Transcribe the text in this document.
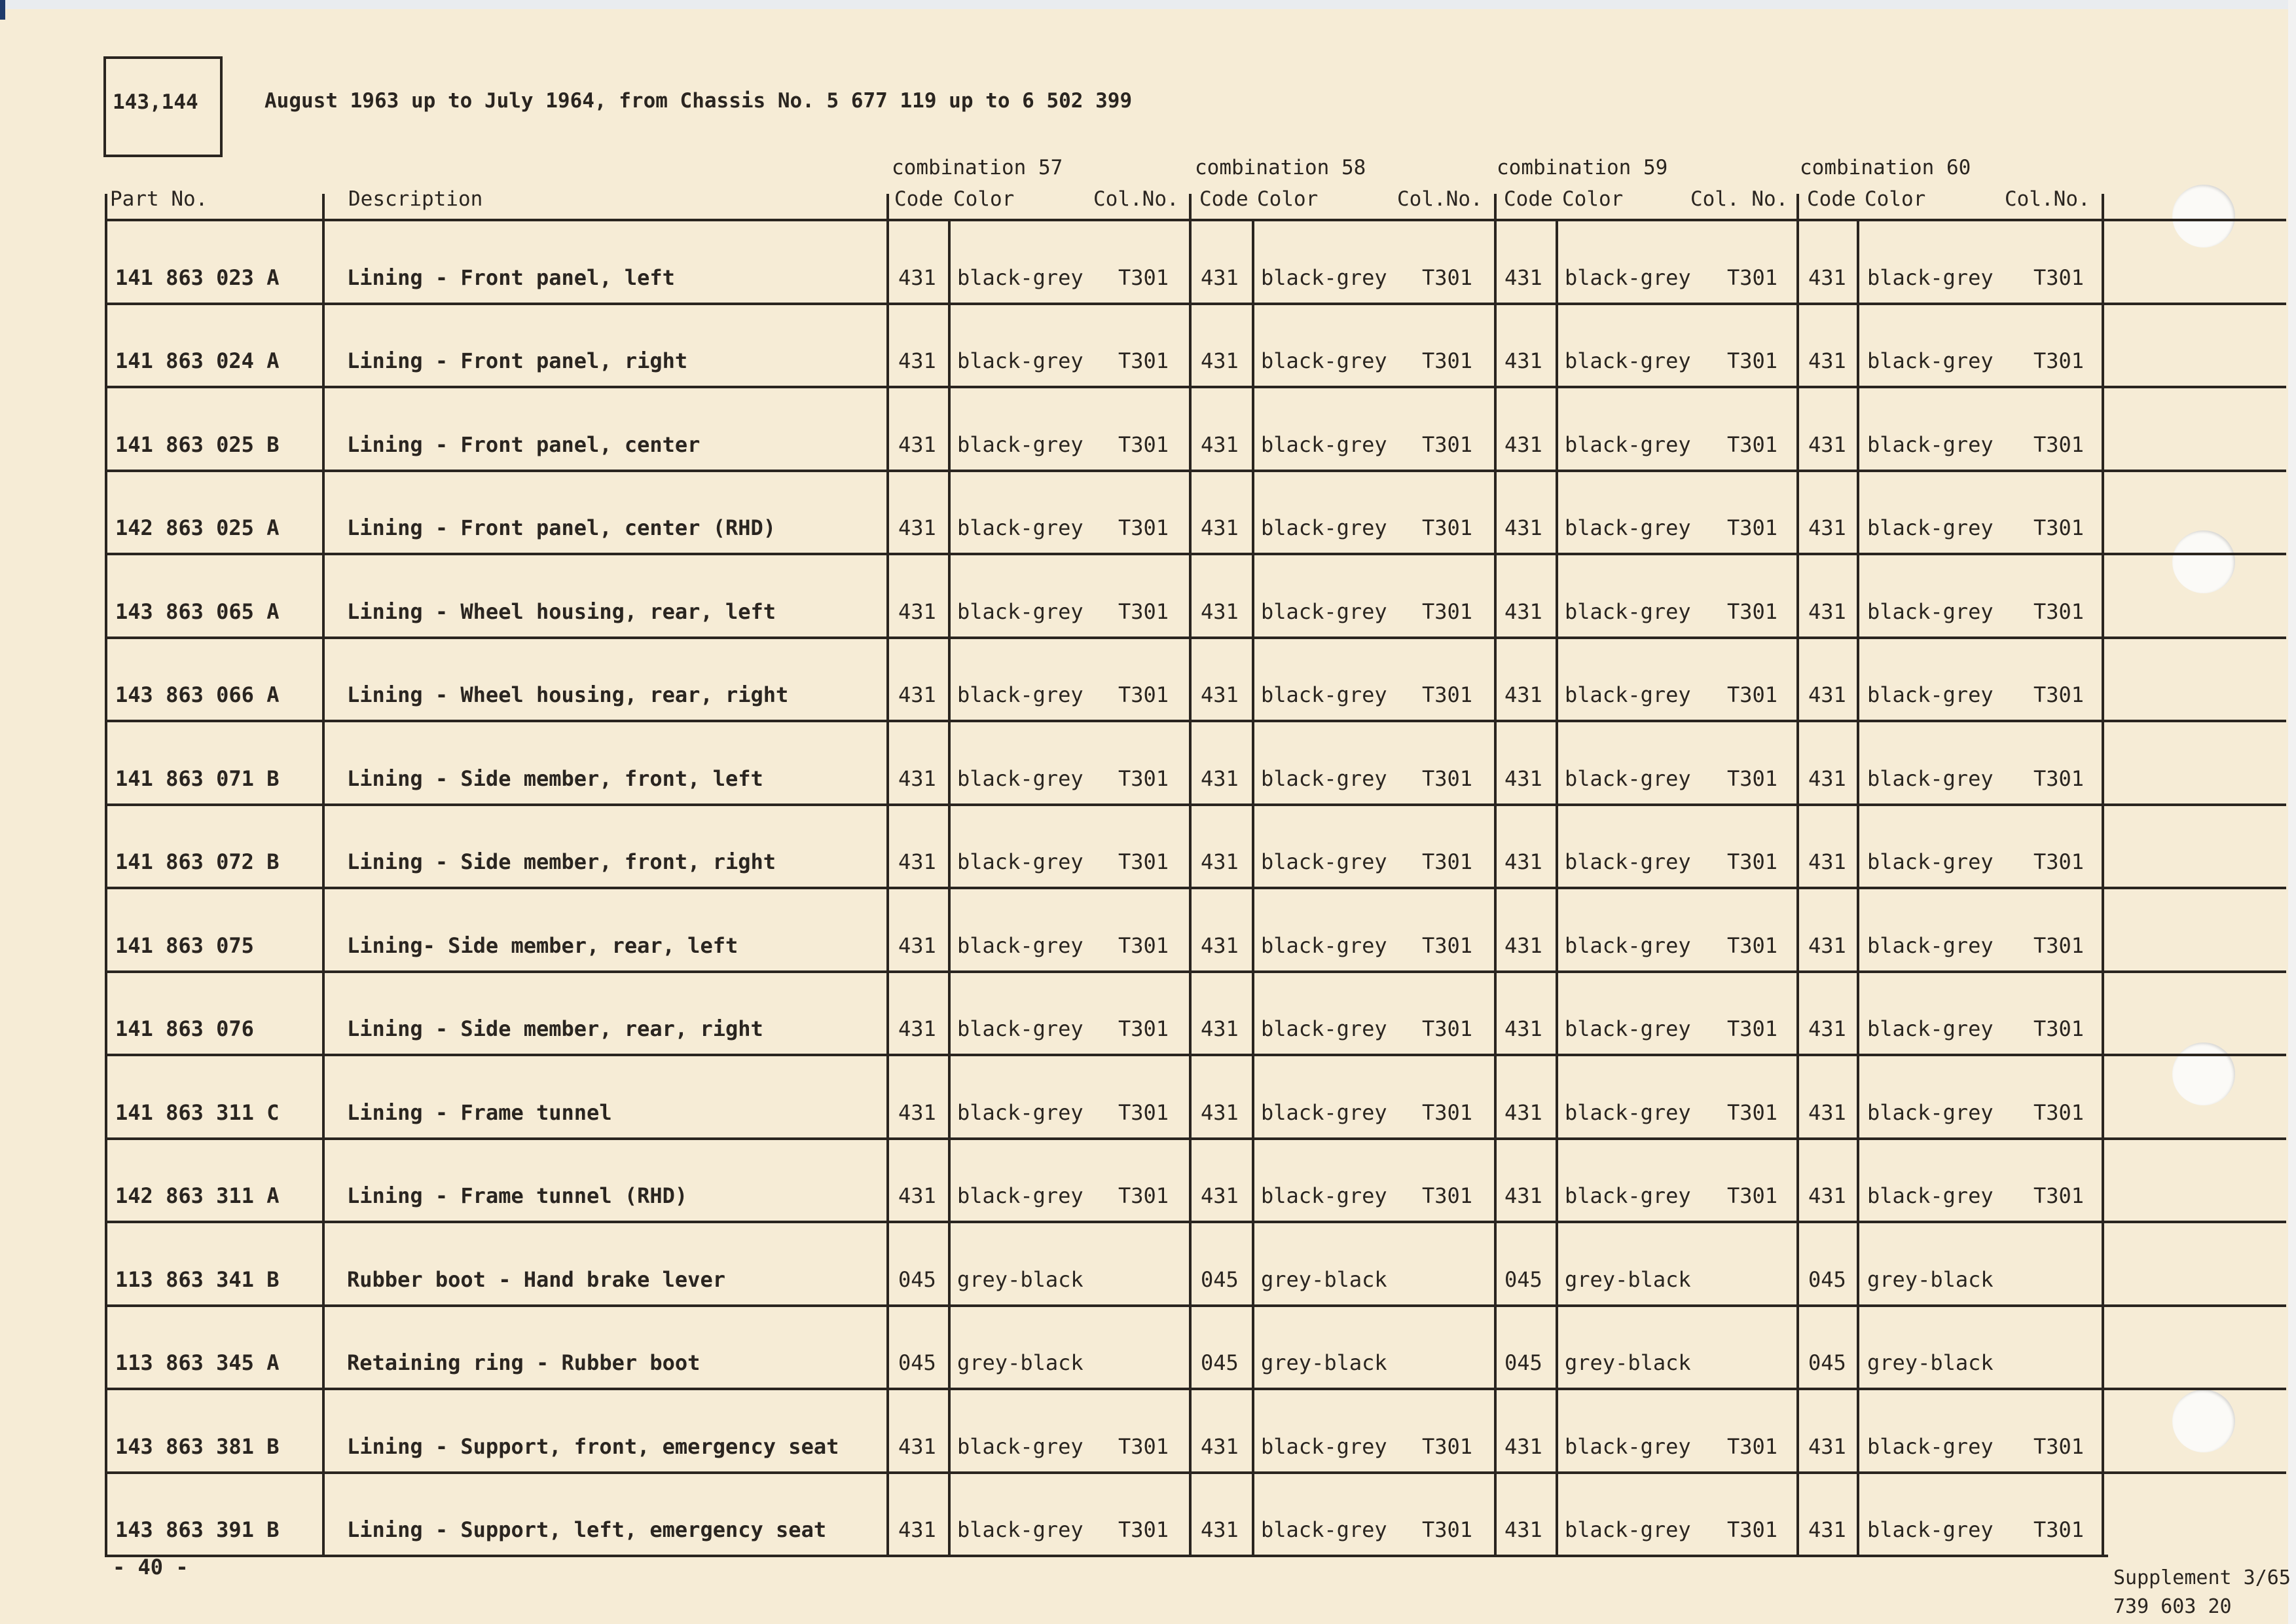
143,144	August 1963 up to July 1964, from Chassis No. 5 677 119 up to 6 502 399
combination 57	combination 58	combination 59	combination 60
Part No.	Description	Code Color	Col.No. Code Color	Col.No. Code Color	Col. No. Code Color	Col.No.
141 863 023 A	Lining - Front panel, left	431 black-grey T301 431 black-grey T301 431 black-grey T301 431 black-grey T301
141 863 024 A	Lining - Front panel, right	431 black-grey T301 431 black-grey T301 431 black-grey T301 431 black-grey T301
141 863 025 B	Lining - Front panel, center	431 black-grey T301 431 black-grey T301 431 black-grey T301 431 black-grey T301
142 863 025 A	Lining - Front panel, center (RHD)	431 black-grey T301 431 black-grey T301 431 black-grey T301 431 black-grey T301
143 863 065 A	Lining - Wheel housing, rear, left	431 black-grey T301 431 black-grey T301 431 black-grey T301 431 black-grey T301
143 863 066 A	Lining - Wheel housing, rear, right	431 black-grey T301 431 black-grey T301 431 black-grey T301 431 black-grey T301
141 863 071 B	Lining - Side member, front, left	431 black-grey T301 431 black-grey T301 431 black-grey T301 431 black-grey T301
141 863 072 B	Lining - Side member, front, right	431 black-grey T301 431 black-grey T301 431 black-grey T301 431 black-grey T301
141 863 075	Lining- Side member, rear, left	431 black-grey T301 431 black-grey T301 431 black-grey T301 431 black-grey T301
141 863 076	Lining - Side member, rear, right	431 black-grey T301 431 black-grey T301 431 black-grey T301 431 black-grey T301
141 863 311 C	Lining - Frame tunnel	431 black-grey T301 431 black-grey T301 431 black-grey T301 431 black-grey T301
142 863 311 A	Lining - Frame tunnel (RHD)	431 black-grey T301 431 black-grey T301 431 black-grey T301 431 black-grey T301
113 863 341 B	Rubber boot - Hand brake lever	045 grey-black	045 grey-black	045 grey-black	045 grey-black
113 863 345 A	Retaining ring - Rubber boot	045 grey-black	045 grey-black	045 grey-black	045 grey-black
143 863 381 B	Lining - Support, front, emergency seat	431 black-grey T301 431 black-grey T301 431 black-grey T301 431 black-grey T301
143 863 391 B	Lining - Support, left, emergency seat	431 black-grey T301 431 black-grey T301 431 black-grey T301 431 black-grey T301
- 40 -	Supplement 3/65
739 603 20
